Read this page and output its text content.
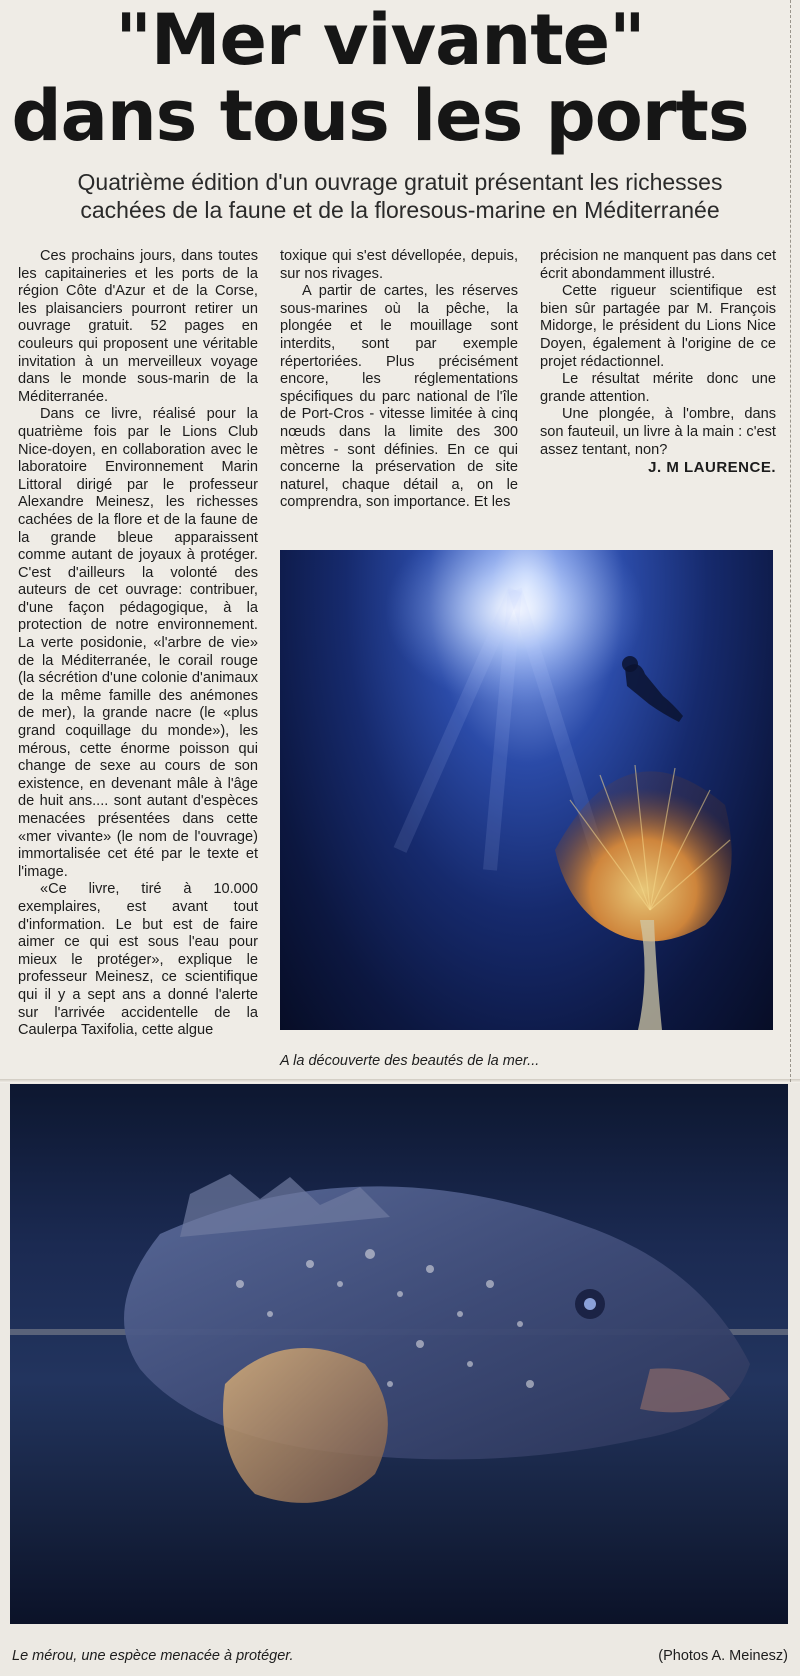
"Mer vivante"
dans tous les ports
Quatrième édition d'un ouvrage gratuit présentant les richesses
cachées de la faune et de la floresous-marine en Méditerranée

Ces prochains jours, dans toutes les capitaineries et les ports de la région Côte d'Azur et de la Corse, les plaisanciers pourront retirer un ouvrage gratuit. 52 pages en couleurs qui proposent une véritable invitation à un merveilleux voyage dans le monde sous-marin de la Méditerranée.

Dans ce livre, réalisé pour la quatrième fois par le Lions Club Nice-doyen, en collaboration avec le laboratoire Environnement Marin Littoral dirigé par le professeur Alexandre Meinesz, les richesses cachées de la flore et de la faune de la grande bleue apparaissent comme autant de joyaux à protéger. C'est d'ailleurs la volonté des auteurs de cet ouvrage: contribuer, d'une façon pédagogique, à la protection de notre environnement. La verte posidonie, «l'arbre de vie» de la Méditerranée, le corail rouge (la sécrétion d'une colonie d'animaux de la même famille des anémones de mer), la grande nacre (le «plus grand coquillage du monde»), les mérous, cette énorme poisson qui change de sexe au cours de son existence, en devenant mâle à l'âge de huit ans.... sont autant d'espèces menacées présentées dans cette «mer vivante» (le nom de l'ouvrage) immortalisée cet été par le texte et l'image.

«Ce livre, tiré à 10.000 exemplaires, est avant tout d'information. Le but est de faire aimer ce qui est sous l'eau pour mieux le protéger», explique le professeur Meinesz, ce scientifique qui il y a sept ans a donné l'alerte sur l'arrivée accidentelle de la Caulerpa Taxifolia, cette algue

toxique qui s'est dévellopée, depuis, sur nos rivages.

A partir de cartes, les réserves sous-marines où la pêche, la plongée et le mouillage sont interdits, sont par exemple répertoriées. Plus précisément encore, les réglementations spécifiques du parc national de l'île de Port-Cros - vitesse limitée à cinq nœuds dans la limite des 300 mètres - sont définies. En ce qui concerne la préservation de site naturel, chaque détail a, on le comprendra, son importance. Et les

précision ne manquent pas dans cet écrit abondamment illustré.

Cette rigueur scientifique est bien sûr partagée par M. François Midorge, le président du Lions Nice Doyen, également à l'origine de ce projet rédactionnel.

Le résultat mérite donc une grande attention.

Une plongée, à l'ombre, dans son fauteuil, un livre à la main : c'est assez tentant, non?

J. M LAURENCE.

A la découverte des beautés de la mer...
Le mérou, une espèce menacée à protéger.	(Photos A. Meinesz)
